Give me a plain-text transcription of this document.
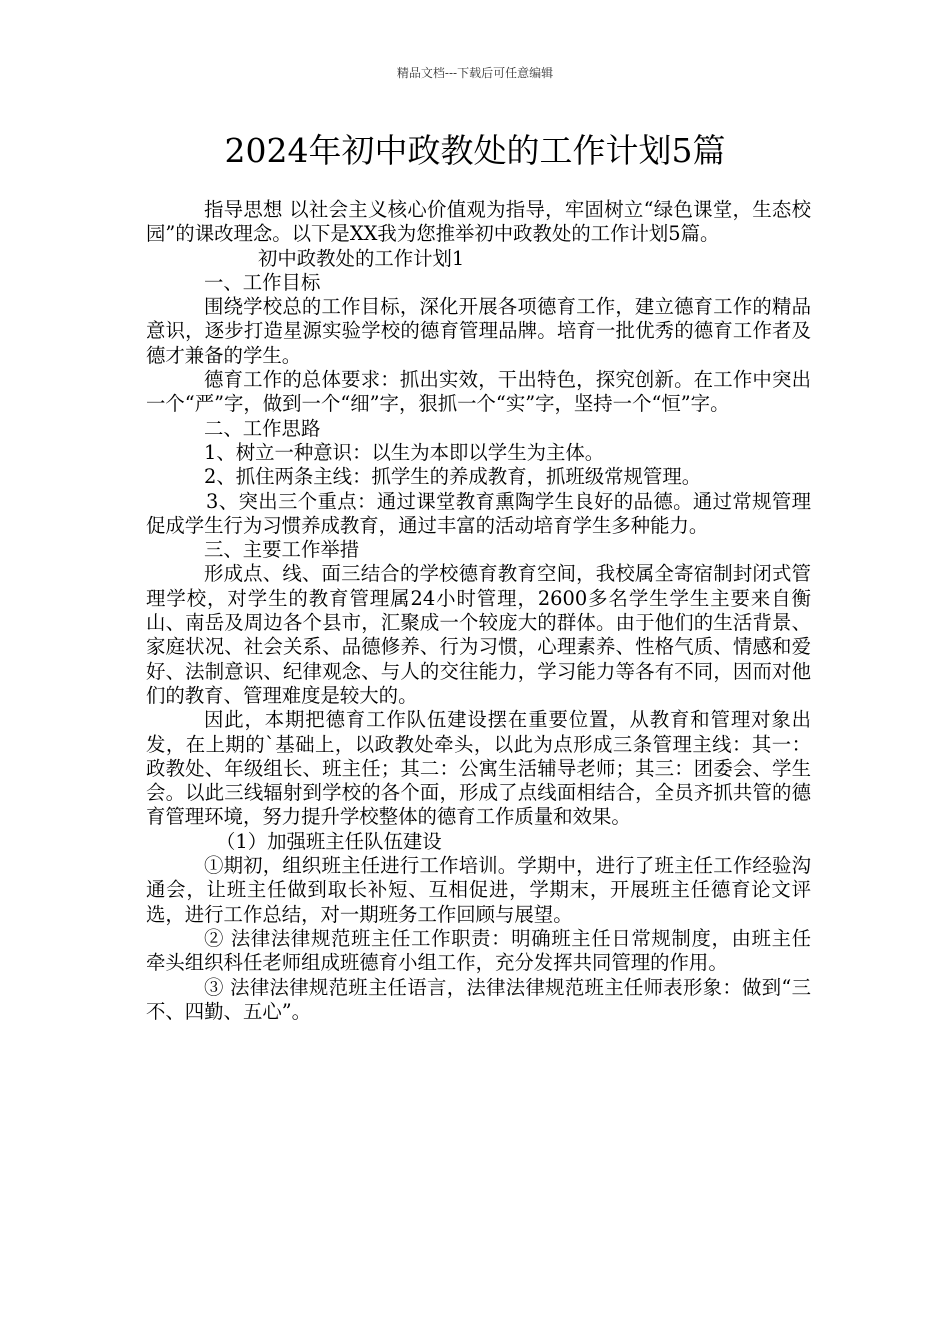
精品文档---下载后可任意编辑
2024年初中政教处的工作计划5篇

指导思想 以社会主义核心价值观为指导，牢固树立“绿色课堂，生态校园”的课改理念。以下是XX我为您推举初中政教处的工作计划5篇。

初中政教处的工作计划1

一、工作目标

围绕学校总的工作目标，深化开展各项德育工作，建立德育工作的精品意识，逐步打造星源实验学校的德育管理品牌。培育一批优秀的德育工作者及德才兼备的学生。

德育工作的总体要求：抓出实效，干出特色，探究创新。在工作中突出一个“严”字，做到一个“细”字，狠抓一个“实”字，坚持一个“恒”字。

二、工作思路

1、树立一种意识：以生为本即以学生为主体。

2、抓住两条主线：抓学生的养成教育，抓班级常规管理。

3、突出三个重点：通过课堂教育熏陶学生良好的品德。通过常规管理促成学生行为习惯养成教育，通过丰富的活动培育学生多种能力。

三、主要工作举措

形成点、线、面三结合的学校德育教育空间，我校属全寄宿制封闭式管理学校，对学生的教育管理属24小时管理，2600多名学生学生主要来自衡山、南岳及周边各个县市，汇聚成一个较庞大的群体。由于他们的生活背景、家庭状况、社会关系、品德修养、行为习惯，心理素养、性格气质、情感和爱好、法制意识、纪律观念、与人的交往能力，学习能力等各有不同，因而对他们的教育、管理难度是较大的。

因此，本期把德育工作队伍建设摆在重要位置，从教育和管理对象出发，在上期的`基础上，以政教处牵头，以此为点形成三条管理主线：其一：政教处、年级组长、班主任；其二：公寓生活辅导老师；其三：团委会、学生会。以此三线辐射到学校的各个面，形成了点线面相结合，全员齐抓共管的德育管理环境，努力提升学校整体的德育工作质量和效果。

（1）加强班主任队伍建设

①期初，组织班主任进行工作培训。学期中，进行了班主任工作经验沟通会，让班主任做到取长补短、互相促进，学期末，开展班主任德育论文评选，进行工作总结，对一期班务工作回顾与展望。

② 法律法律规范班主任工作职责：明确班主任日常规制度，由班主任牵头组织科任老师组成班德育小组工作，充分发挥共同管理的作用。

③ 法律法律规范班主任语言，法律法律规范班主任师表形象：做到“三不、四勤、五心”。
